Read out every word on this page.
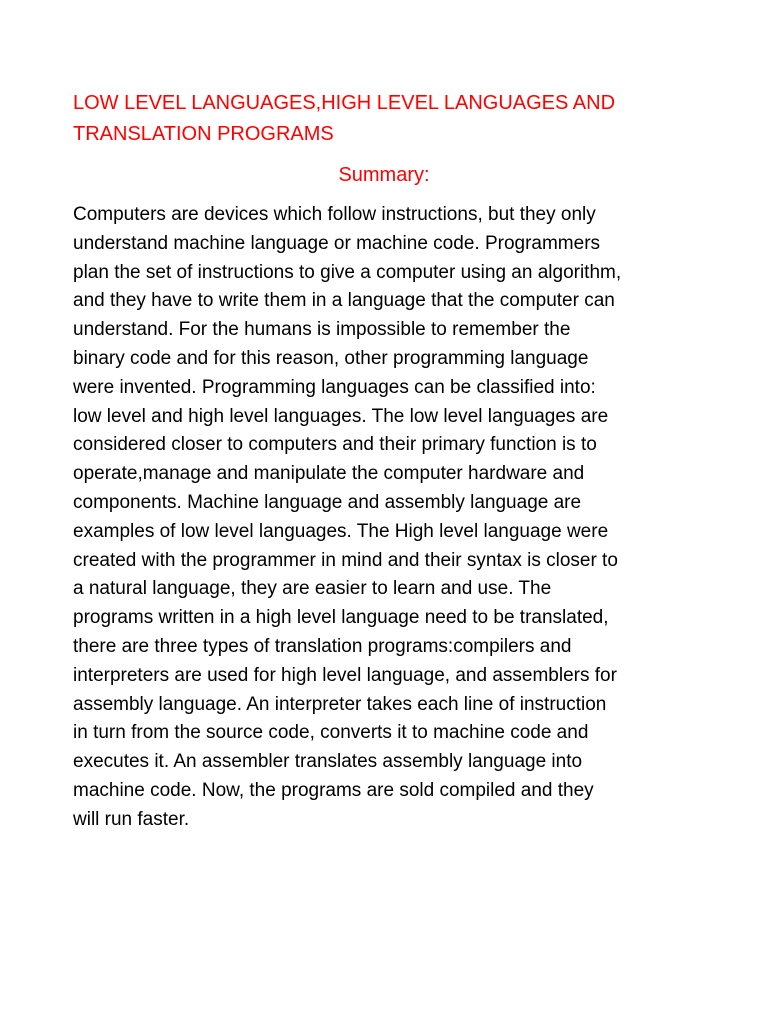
LOW LEVEL LANGUAGES,HIGH LEVEL LANGUAGES AND
TRANSLATION PROGRAMS
Summary:
Computers are devices which follow instructions, but they only
understand machine language or machine code. Programmers
plan the set of instructions to give a computer using an algorithm,
and they have to write them in a language that the computer can
understand. For the humans is impossible to remember the
binary code and for this reason, other programming language
were invented. Programming languages can be classified into:
low level and high level languages. The low level languages are
considered closer to computers and their primary function is to
operate,manage and manipulate the computer hardware and
components. Machine language and assembly language are
examples of low level languages. The High level language were
created with the programmer in mind and their syntax is closer to
a natural language, they are easier to learn and use. The
programs written in a high level language need to be translated,
there are three types of translation programs:compilers and
interpreters are used for high level language, and assemblers for
assembly language. An interpreter takes each line of instruction
in turn from the source code, converts it to machine code and
executes it. An assembler translates assembly language into
machine code. Now, the programs are sold compiled and they
will run faster.
